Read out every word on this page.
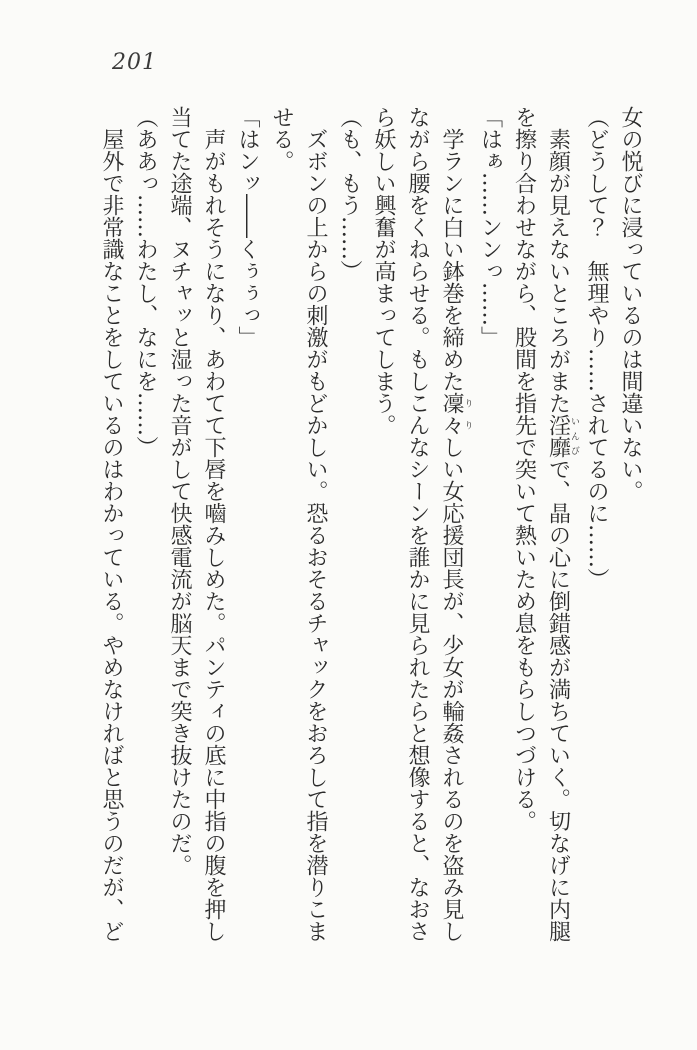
201

女の悦びに浸っているのは間違いない。

（どうして？　無理やり……されてるのに……）

素顔が見えないところがまた淫靡いんびで、晶の心に倒錯感が満ちていく。切なげに内腿を擦り合わせながら、股間を指先で突いて熱いため息をもらしつづける。

「はぁ……ンンっ……」

学ランに白い鉢巻を締めた凜々りりしい女応援団長が、少女が輪姦されるのを盗み見しながら腰をくねらせる。もしこんなシーンを誰かに見られたらと想像すると、なおさら妖しい興奮が高まってしまう。

（も、もう……）

ズボンの上からの刺激がもどかしい。恐るおそるチャックをおろして指を潜りこませる。

「はンッ――くぅぅっ」

声がもれそうになり、あわてて下唇を嚙みしめた。パンティの底に中指の腹を押し当てた途端、ヌチャッと湿った音がして快感電流が脳天まで突き抜けたのだ。

（ああっ……わたし、なにを……）

屋外で非常識なことをしているのはわかっている。やめなければと思うのだが、ど
